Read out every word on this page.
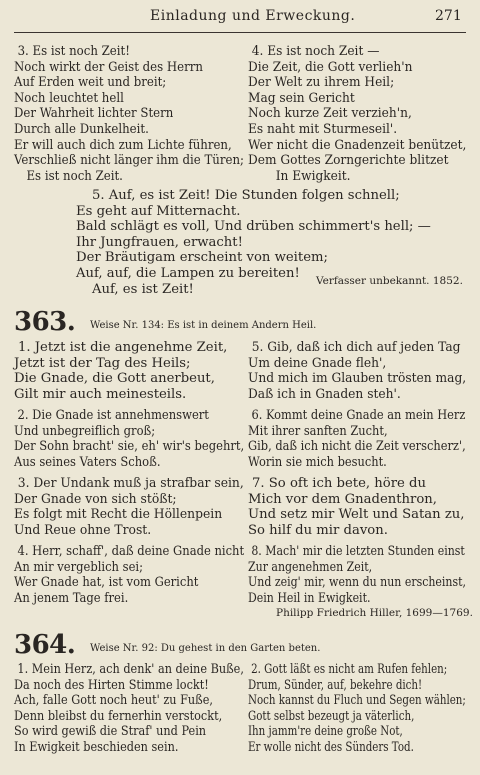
Einladung und Erweckung.	271
3. Es ist noch Zeit!
Noch wirkt der Geist des Herrn
Auf Erden weit und breit;
Noch leuchtet hell
Der Wahrheit lichter Stern
Durch alle Dunkelheit.
Er will auch dich zum Lichte führen,
Verschließ nicht länger ihm die Türen;
Es ist noch Zeit.
4. Es ist noch Zeit —
Die Zeit, die Gott verlieh'n
Der Welt zu ihrem Heil;
Mag sein Gericht
Noch kurze Zeit verzieh'n,
Es naht mit Sturmeseil'.
Wer nicht die Gnadenzeit benützet,
Dem Gottes Zorngerichte blitzet
In Ewigkeit.
5. Auf, es ist Zeit! Die Stunden folgen schnell;
Es geht auf Mitternacht.
Bald schlägt es voll, Und drüben schimmert's hell; —
Ihr Jungfrauen, erwacht!
Der Bräutigam erscheint von weitem;
Auf, auf, die Lampen zu bereiten!
Auf, es ist Zeit!
Verfasser unbekannt. 1852.
363. Weise Nr. 134: Es ist in deinem Andern Heil.
1. Jetzt ist die angenehme Zeit,
Jetzt ist der Tag des Heils;
Die Gnade, die Gott anerbeut,
Gilt mir auch meinesteils.
2. Die Gnade ist annehmenswert
Und unbegreiflich groß;
Der Sohn bracht' sie, eh' wir's begehrt,
Aus seines Vaters Schoß.
3. Der Undank muß ja strafbar sein,
Der Gnade von sich stößt;
Es folgt mit Recht die Höllenpein
Und Reue ohne Trost.
4. Herr, schaff', daß deine Gnade nicht
An mir vergeblich sei;
Wer Gnade hat, ist vom Gericht
An jenem Tage frei.
5. Gib, daß ich dich auf jeden Tag
Um deine Gnade fleh',
Und mich im Glauben trösten mag,
Daß ich in Gnaden steh'.
6. Kommt deine Gnade an mein Herz
Mit ihrer sanften Zucht,
Gib, daß ich nicht die Zeit verscherz',
Worin sie mich besucht.
7. So oft ich bete, höre du
Mich vor dem Gnadenthron,
Und setz mir Welt und Satan zu,
So hilf du mir davon.
8. Mach' mir die letzten Stunden einst
Zur angenehmen Zeit,
Und zeig' mir, wenn du nun erscheinst,
Dein Heil in Ewigkeit.
Philipp Friedrich Hiller, 1699—1769.
364. Weise Nr. 92: Du gehest in den Garten beten.
1. Mein Herz, ach denk' an deine Buße,
Da noch des Hirten Stimme lockt!
Ach, falle Gott noch heut' zu Fuße,
Denn bleibst du fernerhin verstockt,
So wird gewiß die Straf' und Pein
In Ewigkeit beschieden sein.
2. Gott läßt es nicht am Rufen fehlen;
Drum, Sünder, auf, bekehre dich!
Noch kannst du Fluch und Segen wählen;
Gott selbst bezeugt ja väterlich,
Ihn jamm're deine große Not,
Er wolle nicht des Sünders Tod.
